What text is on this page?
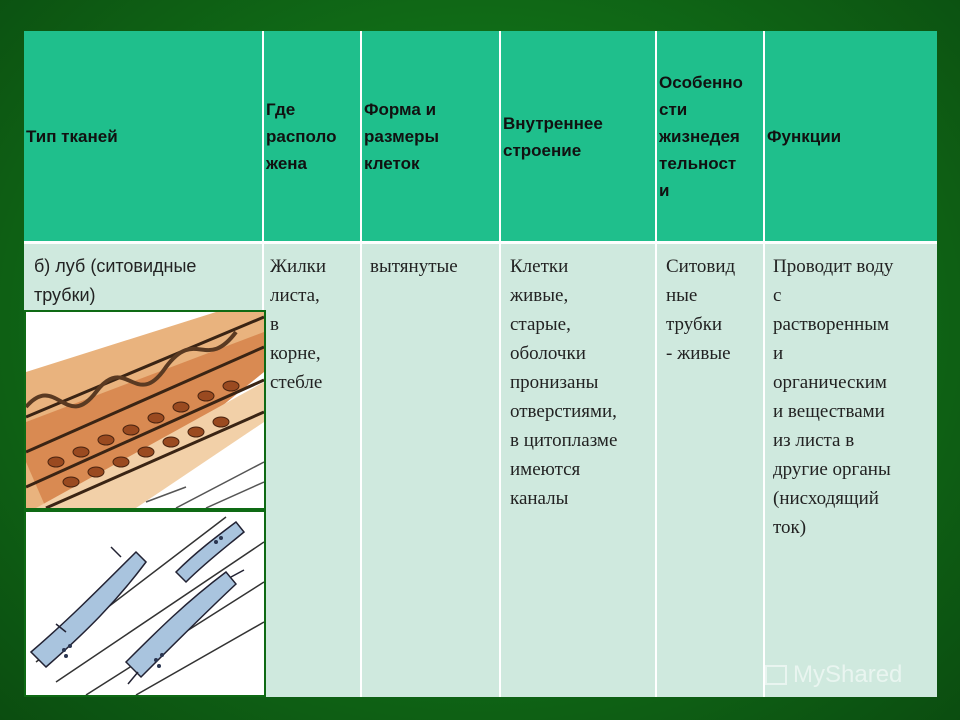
Тип тканей
Где располо
жена
Форма и
размеры
клеток
Внутреннее
строение
Особенно
сти
жизнедея
тельност
и
Функции
б) луб (ситовидные
трубки)
Жилки
листа,
в
корне,
стебле
вытянутые	Клетки
живые,
старые,
оболочки
пронизаны
отверстиями,
в цитоплазме
имеются
каналы
Ситовид
ные
трубки
- живые
Проводит воду
с
растворенным
и
органическим
и веществами
из листа в
другие органы
(нисходящий
ток)
MyShared
